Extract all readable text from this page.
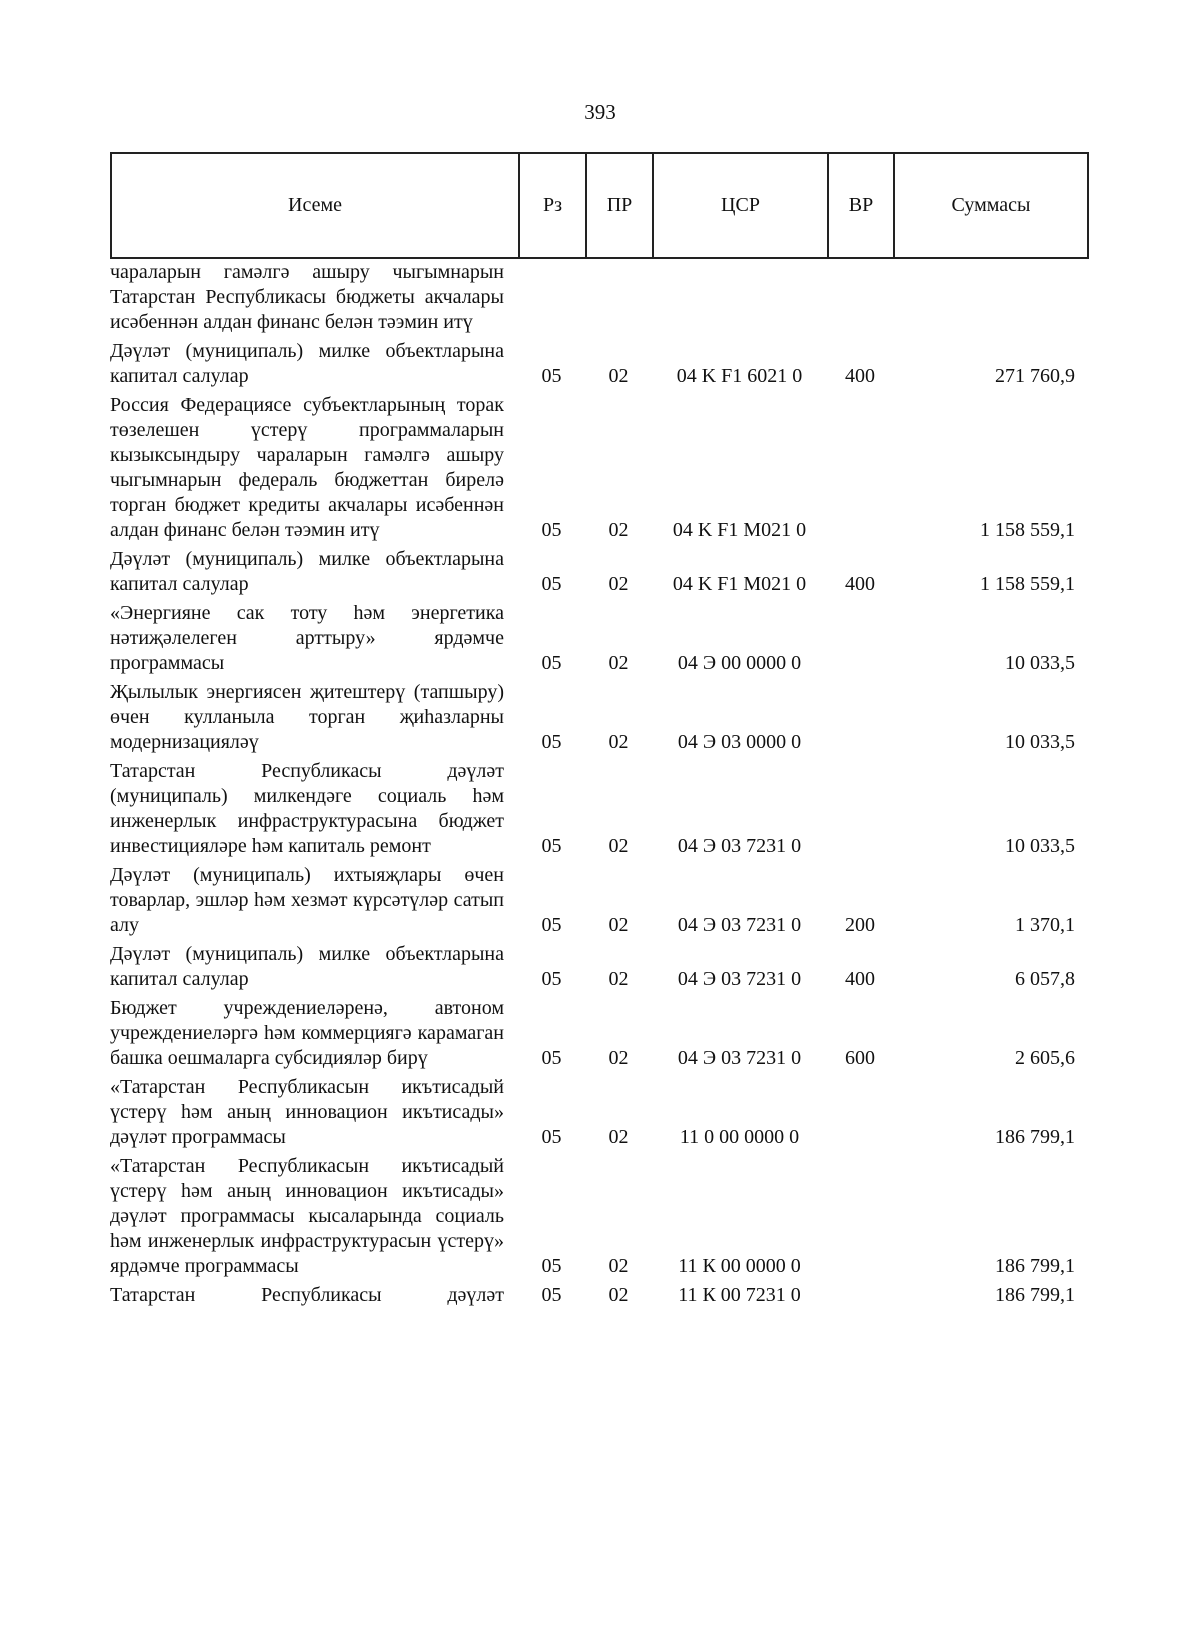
393
Исеме	Рз	ПР	ЦСР	ВР	Суммасы
чараларын гамәлгә ашыру чыгымнарын Татарстан Республикасы бюджеты акчалары исәбеннән алдан финанс белән тәэмин итү					
Дәүләт (муниципаль) милке объектларына капитал салулар	05	02	04 K F1 6021 0	400	271 760,9
Россия Федерациясе субъектларының торак төзелешен үстерү программаларын кызыксындыру чараларын гамәлгә ашыру чыгымнарын федераль бюджеттан бирелә торган бюджет кредиты акчалары исәбеннән алдан финанс белән тәэмин итү	05	02	04 K F1 M021 0		1 158 559,1
Дәүләт (муниципаль) милке объектларына капитал салулар	05	02	04 K F1 M021 0	400	1 158 559,1
«Энергияне сак тоту һәм энергетика нәтиҗәлелеген арттыру» ярдәмче программасы	05	02	04 Э 00 0000 0		10 033,5
Җылылык энергиясен җитештерү (тапшыру) өчен кулланыла торган җиһазларны модернизацияләү	05	02	04 Э 03 0000 0		10 033,5
Татарстан Республикасы дәүләт (муниципаль) милкендәге социаль һәм инженерлык инфраструктурасына бюджет инвестицияләре һәм капиталь ремонт	05	02	04 Э 03 7231 0		10 033,5
Дәүләт (муниципаль) ихтыяҗлары өчен товарлар, эшләр һәм хезмәт күрсәтүләр сатып алу	05	02	04 Э 03 7231 0	200	1 370,1
Дәүләт (муниципаль) милке объектларына капитал салулар	05	02	04 Э 03 7231 0	400	6 057,8
Бюджет учреждениеләренә, автоном учреждениеләргә һәм коммерциягә карамаган башка оешмаларга субсидияләр бирү	05	02	04 Э 03 7231 0	600	2 605,6
«Татарстан Республикасын икътисадый үстерү һәм аның инновацион икътисады» дәүләт программасы	05	02	11 0 00 0000 0		186 799,1
«Татарстан Республикасын икътисадый үстерү һәм аның инновацион икътисады» дәүләт программасы кысаларында социаль һәм инженерлык инфраструктурасын үстерү» ярдәмче программасы	05	02	11 К 00 0000 0		186 799,1
Татарстан Республикасы дәүләт	05	02	11 К 00 7231 0		186 799,1
